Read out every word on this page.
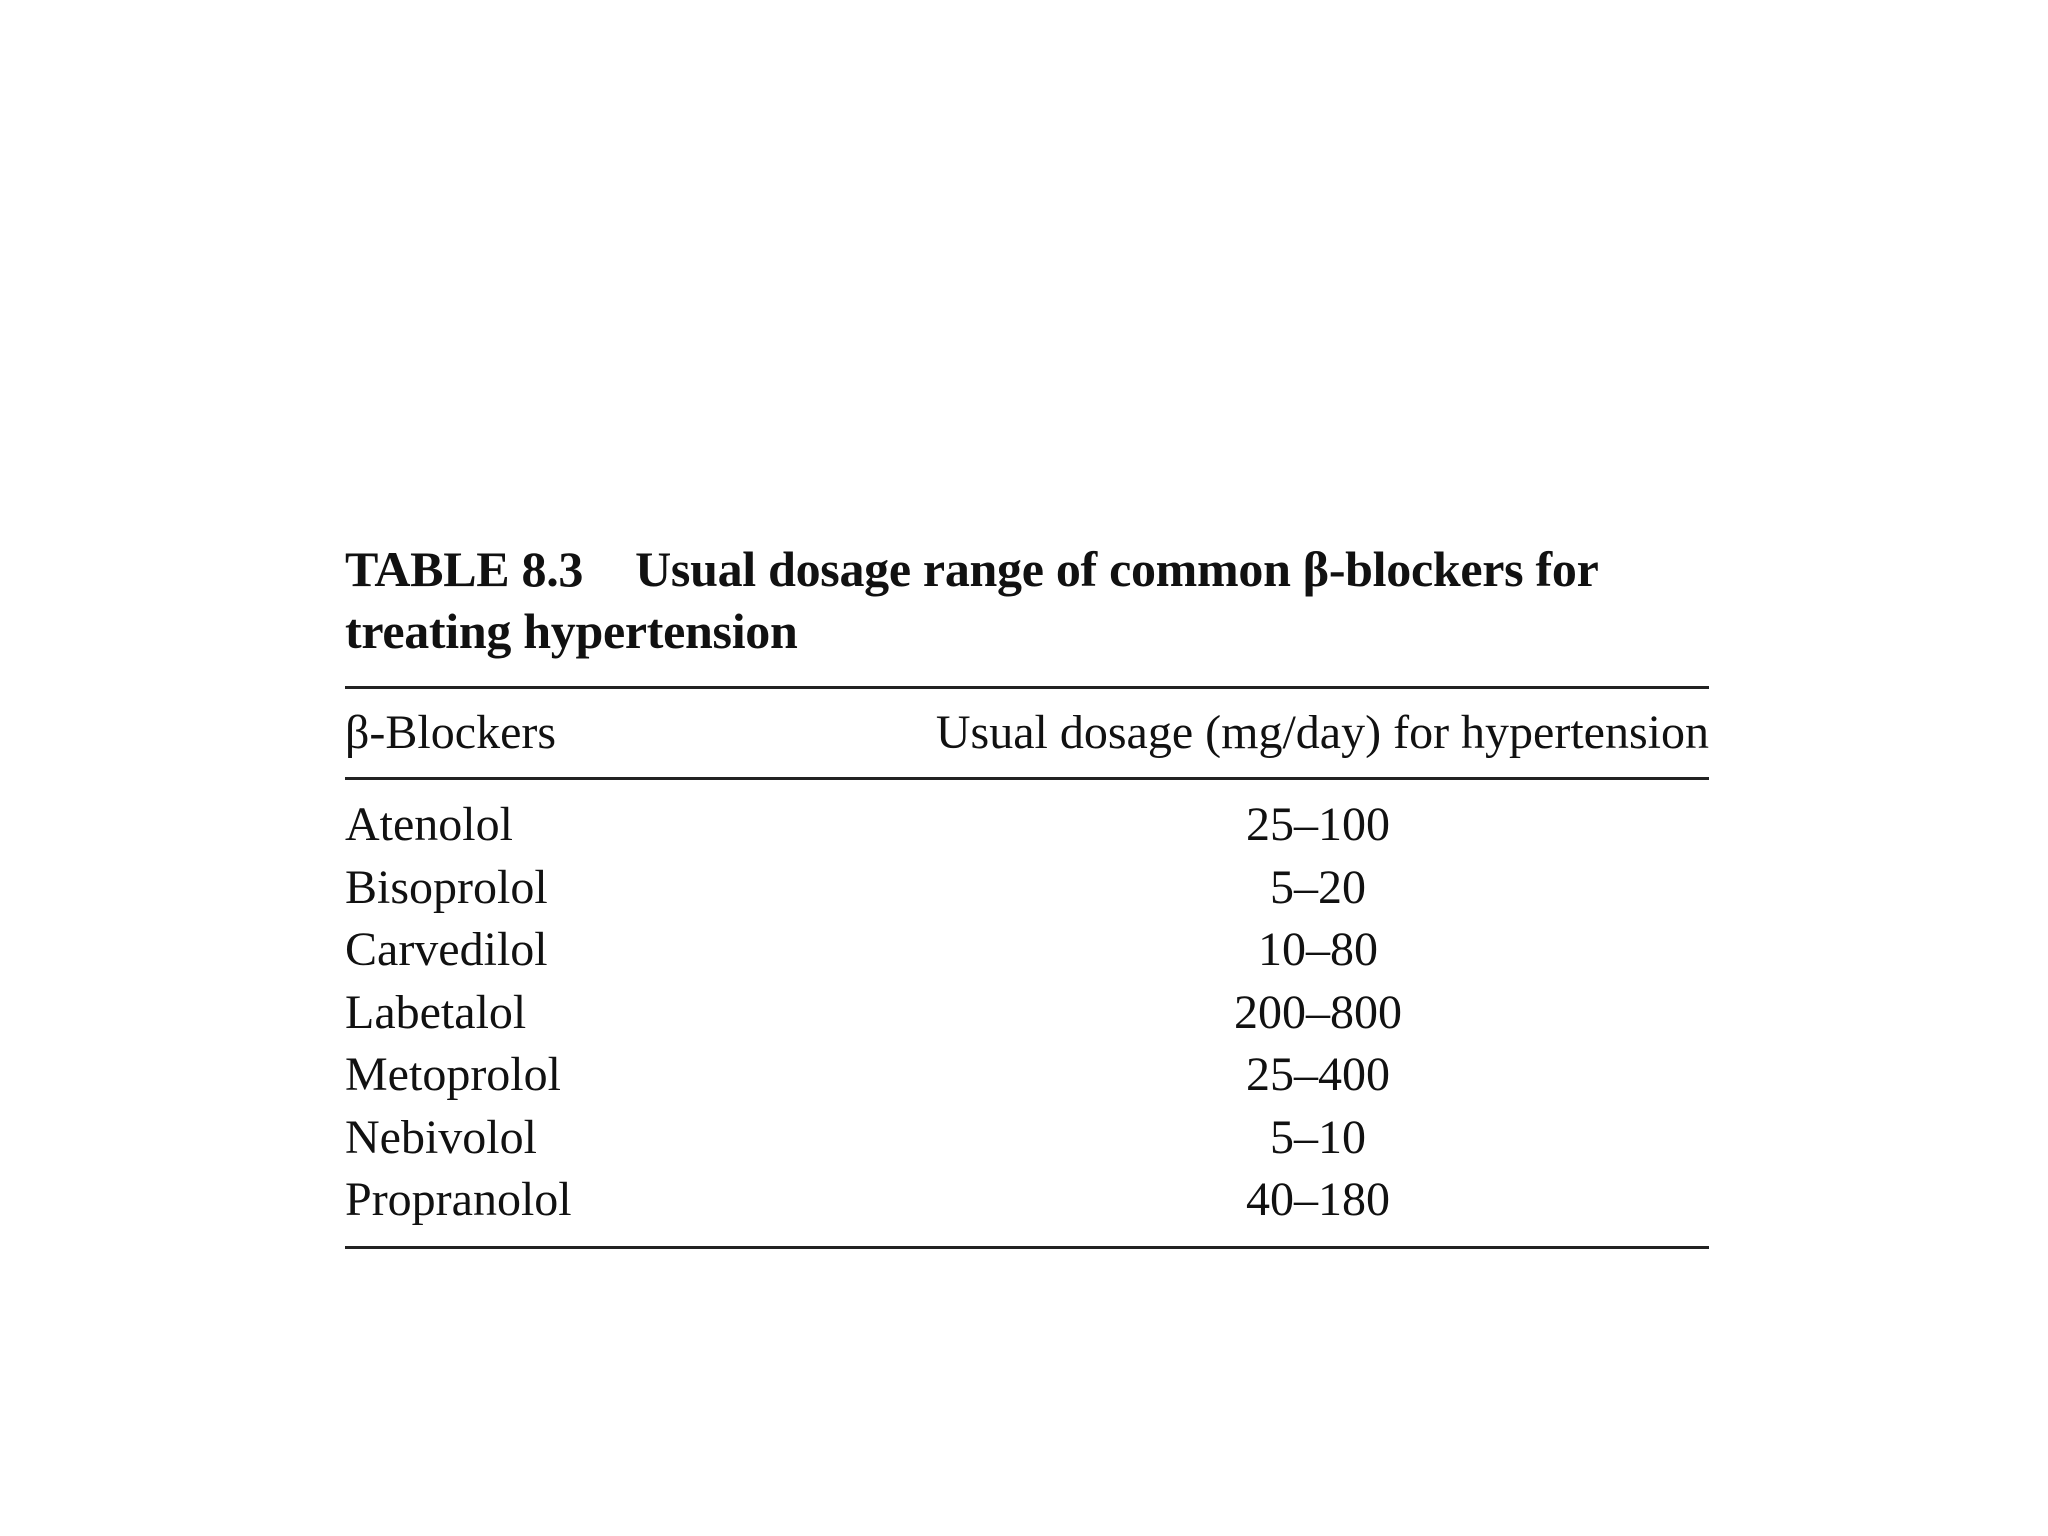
TABLE 8.3 Usual dosage range of common β-blockers for
treating hypertension

β-Blockers	Usual dosage (mg/day) for hypertension
Atenolol	25–100
Bisoprolol	5–20
Carvedilol	10–80
Labetalol	200–800
Metoprolol	25–400
Nebivolol	5–10
Propranolol	40–180
